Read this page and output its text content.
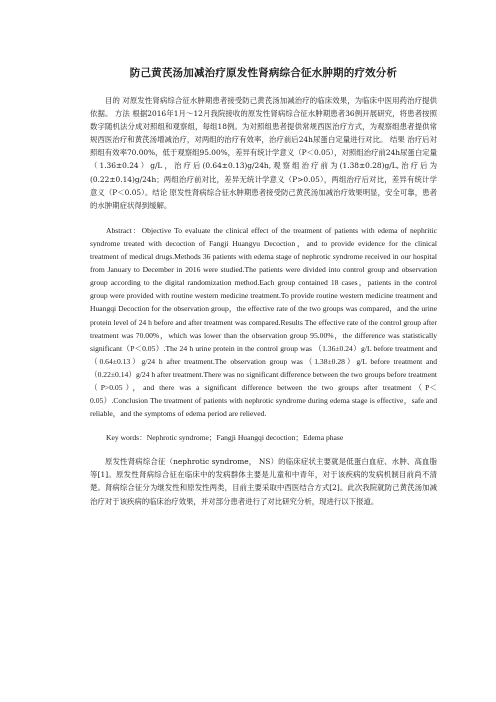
防己黄芪汤加减治疗原发性肾病综合征水肿期的疗效分析

目的 对原发性肾病综合征水肿期患者接受防己黄芪汤加减治疗的临床效果，为临床中医用药治疗提供依据。 方法 根据2016年1月～12月我院接收的原发性肾病综合征水肿期患者36例开展研究，将患者按照数字随机法分成对照组和观察组，每组18例。为对照组患者提供常规西医治疗方式，为观察组患者提供常规西医治疗和黄芪汤增减治疗，对两组的治疗有效率，治疗前后24h尿蛋白定量进行对比。 结果 治疗后对照组有效率70.00%，低于观察组95.00%，差异有统计学意义（P＜0.05），对照组治疗前24h尿蛋白定量（1.36±0.24）g/L，治疗后(0.64±0.13)g/24h,观察组治疗前为(1.38±0.28)g/L,治疗后为(0.22±0.14)g/24h；两组治疗前对比，差异无统计学意义（P>0.05），两组治疗后对比，差异有统计学意义（P＜0.05）。结论 原发性肾病综合征水肿期患者接受防己黄芪汤加减治疗效果明显，安全可靠，患者的水肿期症状得到缓解。

Abstract：Objective To evaluate the clinical effect of the treatment of patients with edema of nephritic syndrome treated with decoction of Fangji Huangyu Decoction，and to provide evidence for the clinical treatment of medical drugs.Methods 36 patients with edema stage of nephrotic syndrome received in our hospital from January to December in 2016 were studied.The patients were divided into control group and observation group according to the digital randomization method.Each group contained 18 cases，patients in the control group were provided with routine western medicine treatment.To provide routine western medicine treatment and Huangqi Decoction for the observation group，the effective rate of the two groups was compared，and the urine protein level of 24 h before and after treatment was compared.Results The effective rate of the control group after treatment was 70.00%，which was lower than the observation group 95.00%，the difference was statistically significant（P＜0.05）.The 24 h urine protein in the control group was （1.36±0.24）g/L before treatment and（0.64±0.13）g/24 h after treatment.The observation group was（1.38±0.28）g/L before treatment and （0.22±0.14）g/24 h after treatment.There was no significant difference between the two groups before treatment（P>0.05），and there was a significant difference between the two groups after treatment（P＜0.05）.Conclusion The treatment of patients with nephrotic syndrome during edema stage is effective，safe and reliable，and the symptoms of edema period are relieved.

Key words：Nephrotic syndrome；Fangji Huangqi decoction；Edema phase

原发性肾病综合征（nephrotic syndrome， NS）的临床症状主要就是低蛋白血症、水肿、高血脂等[1]。原发性肾病综合征在临床中的发病群体主要是儿童和中青年，对于该疾病的发病机制目前尚不清楚。肾病综合征分为继发性和原发性两类，目前主要采取中西医结合方式[2]。此次我院就防己黄芪汤加减治疗对于该疾病的临床治疗效果，并对部分患者进行了对比研究分析，现进行以下报道。
